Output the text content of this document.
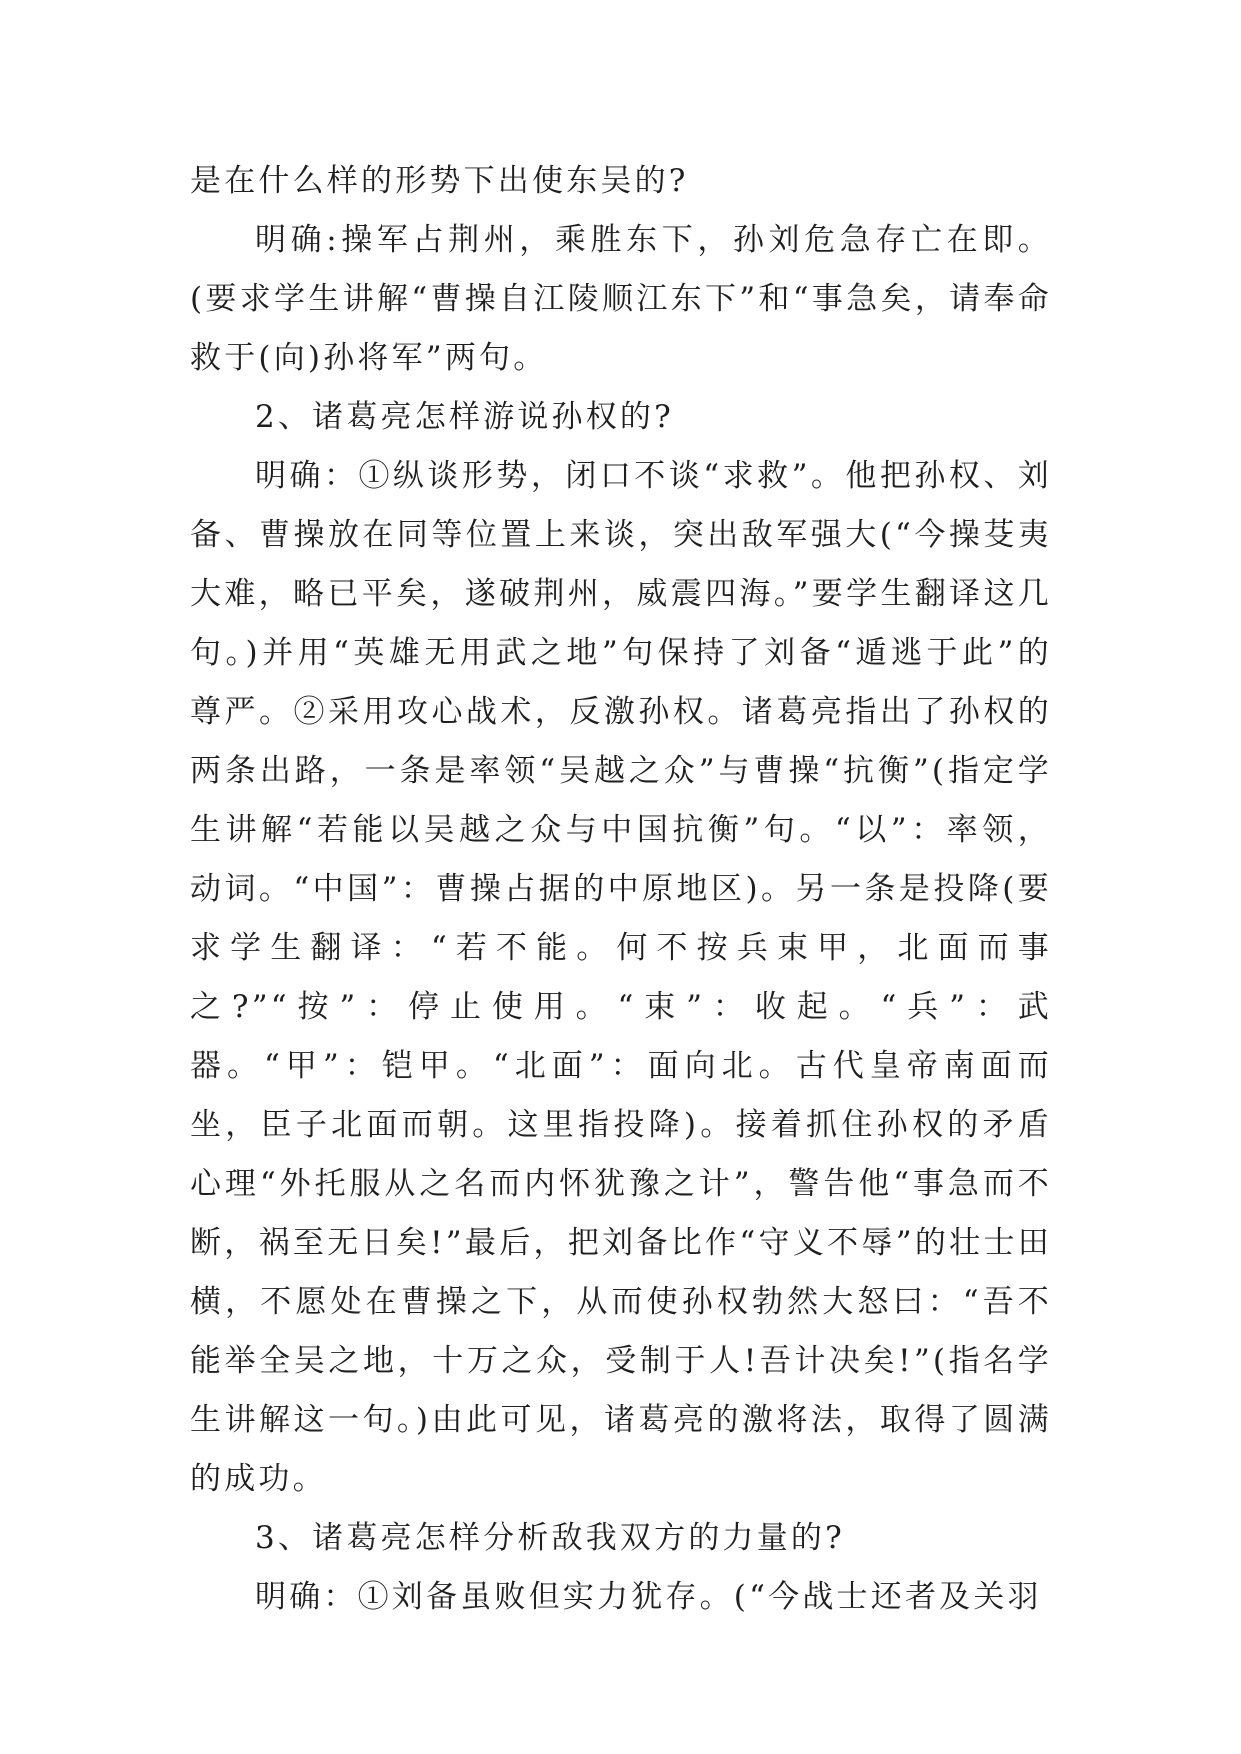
是在什么样的形势下出使东吴的?

明确:操军占荆州，乘胜东下，孙刘危急存亡在即。(要求学生讲解“曹操自江陵顺江东下”和“事急矣，请奉命救于(向)孙将军”两句。

2、诸葛亮怎样游说孙权的?

明确：①纵谈形势，闭口不谈“求救”。他把孙权、刘备、曹操放在同等位置上来谈，突出敌军强大(“今操芟夷大难，略已平矣，遂破荆州，威震四海。”要学生翻译这几句。)并用“英雄无用武之地”句保持了刘备“遁逃于此”的尊严。②采用攻心战术，反激孙权。诸葛亮指出了孙权的两条出路，一条是率领“吴越之众”与曹操“抗衡”(指定学生讲解“若能以吴越之众与中国抗衡”句。“以”：率领，动词。“中国”：曹操占据的中原地区)。另一条是投降(要求学生翻译：“若不能。何不按兵束甲，北面而事之?”“按”：停止使用。“束”：收起。“兵”：武器。“甲”：铠甲。“北面”：面向北。古代皇帝南面而坐，臣子北面而朝。这里指投降)。接着抓住孙权的矛盾心理“外托服从之名而内怀犹豫之计”，警告他“事急而不断，祸至无日矣!”最后，把刘备比作“守义不辱”的壮士田横，不愿处在曹操之下，从而使孙权勃然大怒曰：“吾不能举全吴之地，十万之众，受制于人!吾计决矣!”(指名学生讲解这一句。)由此可见，诸葛亮的激将法，取得了圆满的成功。

3、诸葛亮怎样分析敌我双方的力量的?

明确：①刘备虽败但实力犹存。(“今战士还者及关羽
